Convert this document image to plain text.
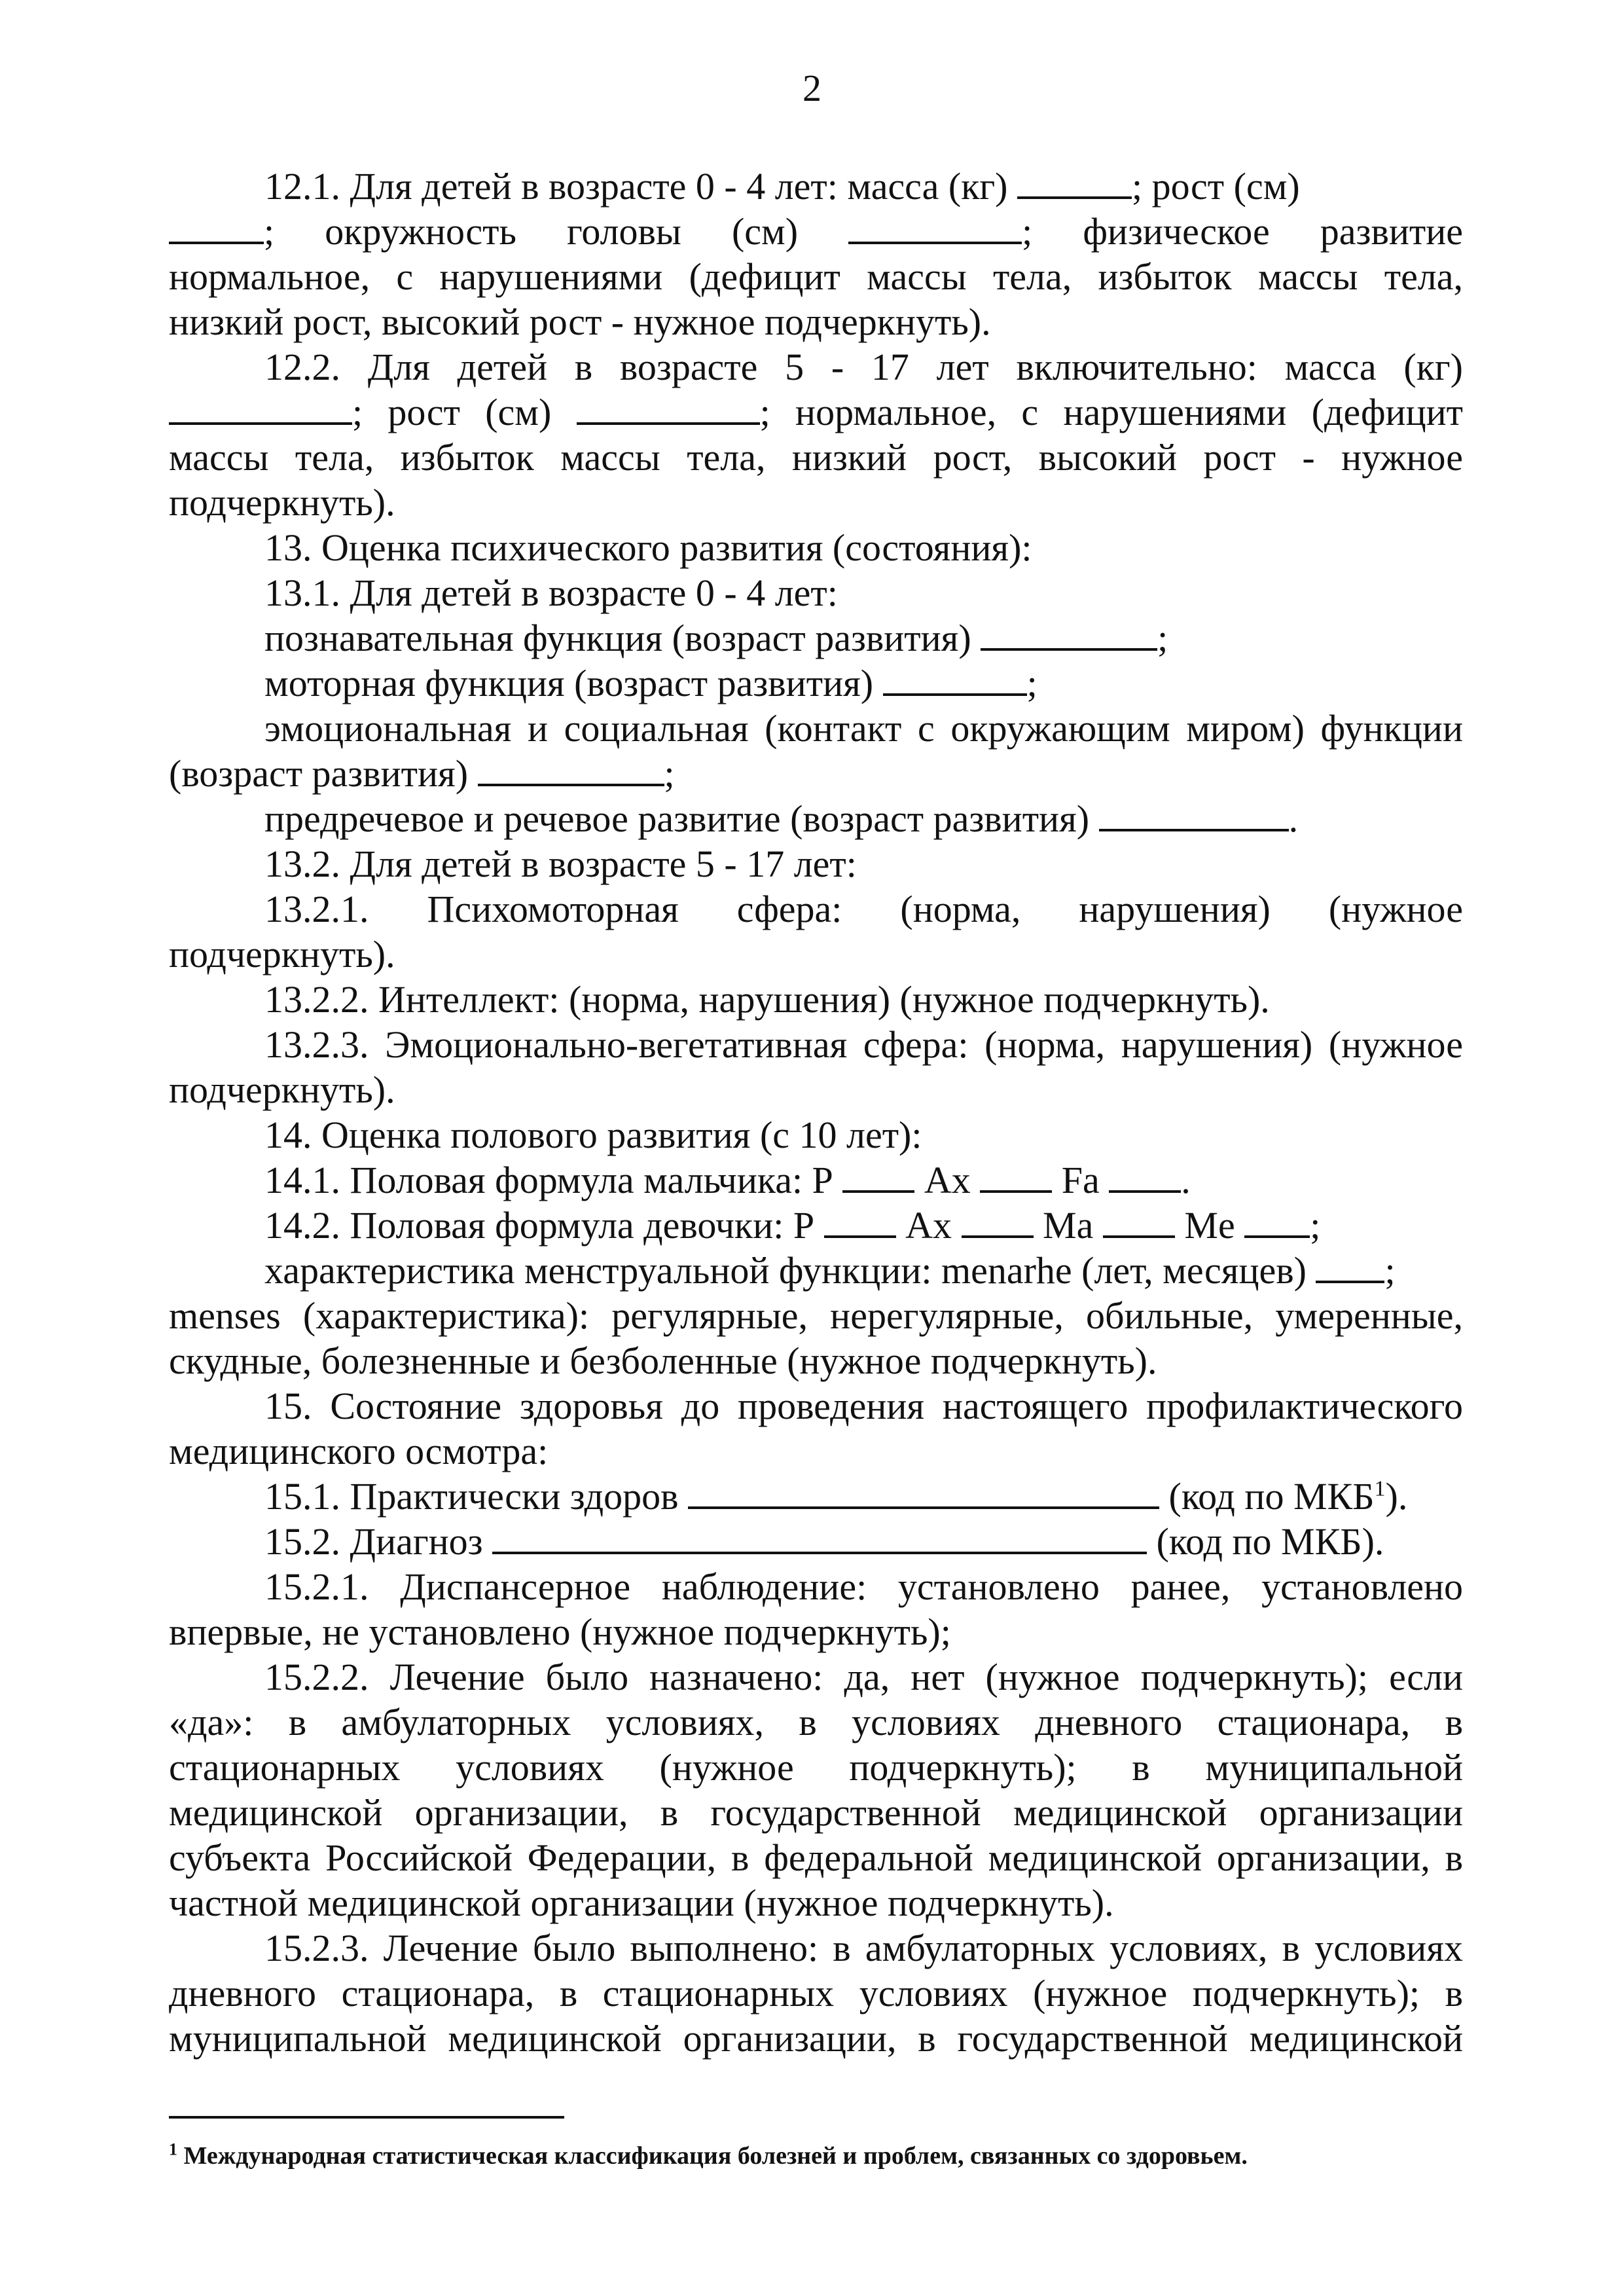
2
12.1. Для детей в возрасте 0 - 4 лет: масса (кг)	; рост (см)
; окружность головы (см)	; физическое развитие
нормальное, с нарушениями (дефицит массы тела, избыток массы тела,
низкий рост, высокий рост - нужное подчеркнуть).
12.2. Для детей в возрасте 5 - 17 лет включительно: масса (кг)
; рост (см)	; нормальное, с нарушениями (дефицит
массы тела, избыток массы тела, низкий рост, высокий рост - нужное
подчеркнуть).
13. Оценка психического развития (состояния):
13.1. Для детей в возрасте 0 - 4 лет:
познавательная функция (возраст развития)	;
моторная функция (возраст развития)	;
эмоциональная и социальная (контакт с окружающим миром) функции
(возраст развития)	;
предречевое и речевое развитие (возраст развития)	.
13.2. Для детей в возрасте 5 - 17 лет:
13.2.1. Психомоторная сфера: (норма, нарушения) (нужное
подчеркнуть).
13.2.2. Интеллект: (норма, нарушения) (нужное подчеркнуть).
13.2.3. Эмоционально-вегетативная сфера: (норма, нарушения) (нужное
подчеркнуть).
14. Оценка полового развития (с 10 лет):
14.1. Половая формула мальчика: Р Ах Fa .
14.2. Половая формула девочки: Р Ах Ма Me ;
характеристика менструальной функции: menarhe (лет, месяцев) ;
menses (характеристика): регулярные, нерегулярные, обильные, умеренные,
скудные, болезненные и безболенные (нужное подчеркнуть).
15. Состояние здоровья до проведения настоящего профилактического
медицинского осмотра:
15.1. Практически здоров	(код по МКБ$^1$).
15.2. Диагноз	(код по МКБ).
15.2.1. Диспансерное наблюдение: установлено ранее, установлено
впервые, не установлено (нужное подчеркнуть);
15.2.2. Лечение было назначено: да, нет (нужное подчеркнуть); если
«да»: в амбулаторных условиях, в условиях дневного стационара, в
стационарных условиях (нужное подчеркнуть); в муниципальной
медицинской организации, в государственной медицинской организации
субъекта Российской Федерации, в федеральной медицинской организации, в
частной медицинской организации (нужное подчеркнуть).
15.2.3. Лечение было выполнено: в амбулаторных условиях, в условиях
дневного стационара, в стационарных условиях (нужное подчеркнуть); в
муниципальной медицинской организации, в государственной медицинской
$^1$ Международная статистическая классификация болезней и проблем, связанных со здоровьем.
